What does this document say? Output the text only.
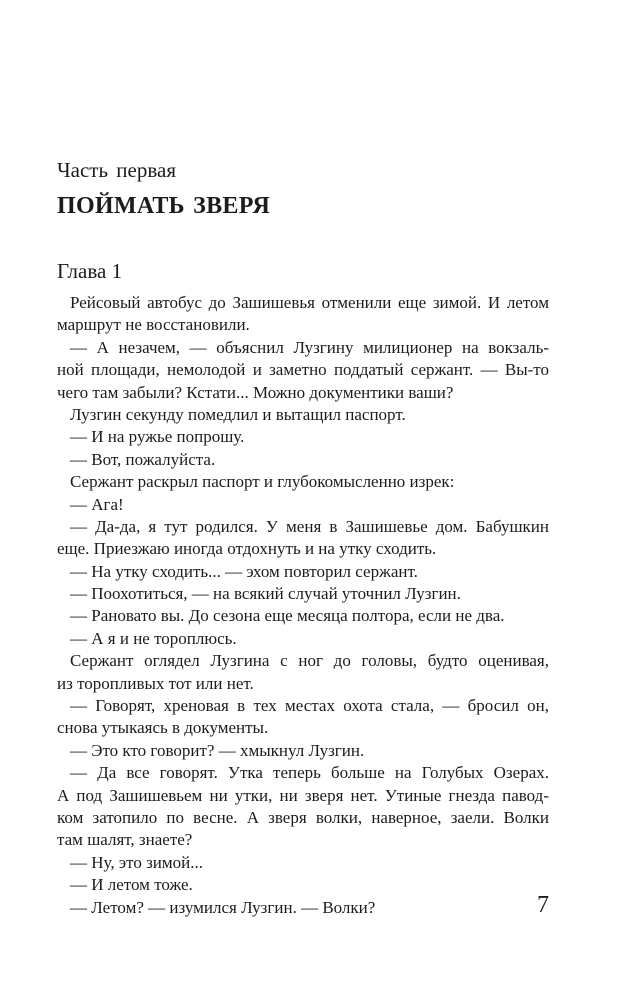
Часть первая
ПОЙМАТЬ ЗВЕРЯ
Глава 1
Рейсовый автобус до Зашишевья отменили еще зимой. И летом
маршрут не восстановили.
— А незачем, — объяснил Лузгину милиционер на вокзаль-
ной площади, немолодой и заметно поддатый сержант. — Вы-то
чего там забыли? Кстати... Можно документики ваши?
Лузгин секунду помедлил и вытащил паспорт.
— И на ружье попрошу.
— Вот, пожалуйста.
Сержант раскрыл паспорт и глубокомысленно изрек:
— Ага!
— Да-да, я тут родился. У меня в Зашишевье дом. Бабушкин
еще. Приезжаю иногда отдохнуть и на утку сходить.
— На утку сходить... — эхом повторил сержант.
— Поохотиться, — на всякий случай уточнил Лузгин.
— Рановато вы. До сезона еще месяца полтора, если не два.
— А я и не тороплюсь.
Сержант оглядел Лузгина с ног до головы, будто оценивая,
из торопливых тот или нет.
— Говорят, хреновая в тех местах охота стала, — бросил он,
снова утыкаясь в документы.
— Это кто говорит? — хмыкнул Лузгин.
— Да все говорят. Утка теперь больше на Голубых Озерах.
А под Зашишевьем ни утки, ни зверя нет. Утиные гнезда павод-
ком затопило по весне. А зверя волки, наверное, заели. Волки
там шалят, знаете?
— Ну, это зимой...
— И летом тоже.
— Летом? — изумился Лузгин. — Волки?	7
